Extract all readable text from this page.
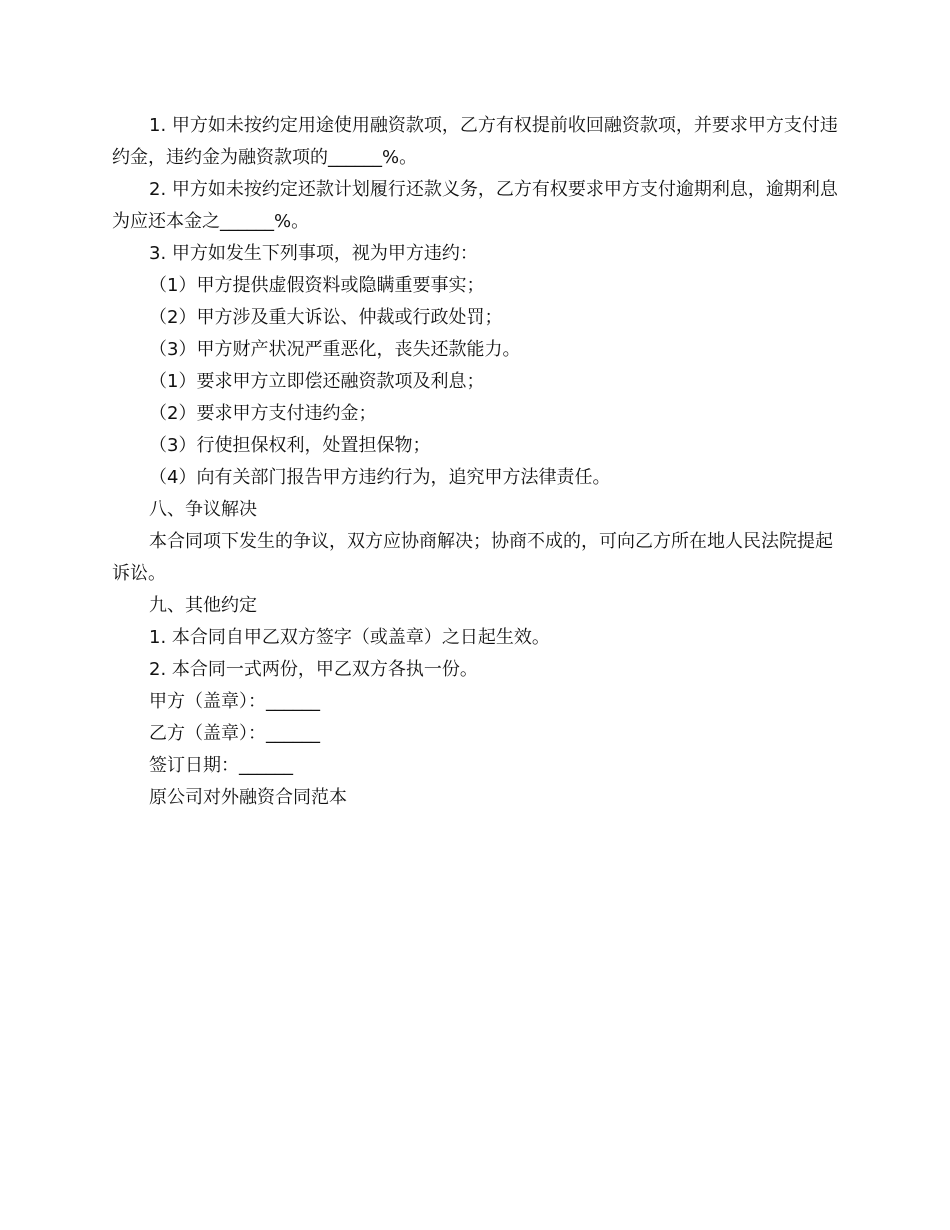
1. 甲方如未按约定用途使用融资款项，乙方有权提前收回融资款项，并要求甲方支付违约金，违约金为融资款项的______%。

2. 甲方如未按约定还款计划履行还款义务，乙方有权要求甲方支付逾期利息，逾期利息为应还本金之______%。

3. 甲方如发生下列事项，视为甲方违约：

（1）甲方提供虚假资料或隐瞒重要事实；

（2）甲方涉及重大诉讼、仲裁或行政处罚；

（3）甲方财产状况严重恶化，丧失还款能力。

（1）要求甲方立即偿还融资款项及利息；

（2）要求甲方支付违约金；

（3）行使担保权利，处置担保物；

（4）向有关部门报告甲方违约行为，追究甲方法律责任。

八、争议解决

本合同项下发生的争议，双方应协商解决；协商不成的，可向乙方所在地人民法院提起诉讼。

九、其他约定

1. 本合同自甲乙双方签字（或盖章）之日起生效。

2. 本合同一式两份，甲乙双方各执一份。

甲方（盖章）：______

乙方（盖章）：______

签订日期：______

原公司对外融资合同范本
